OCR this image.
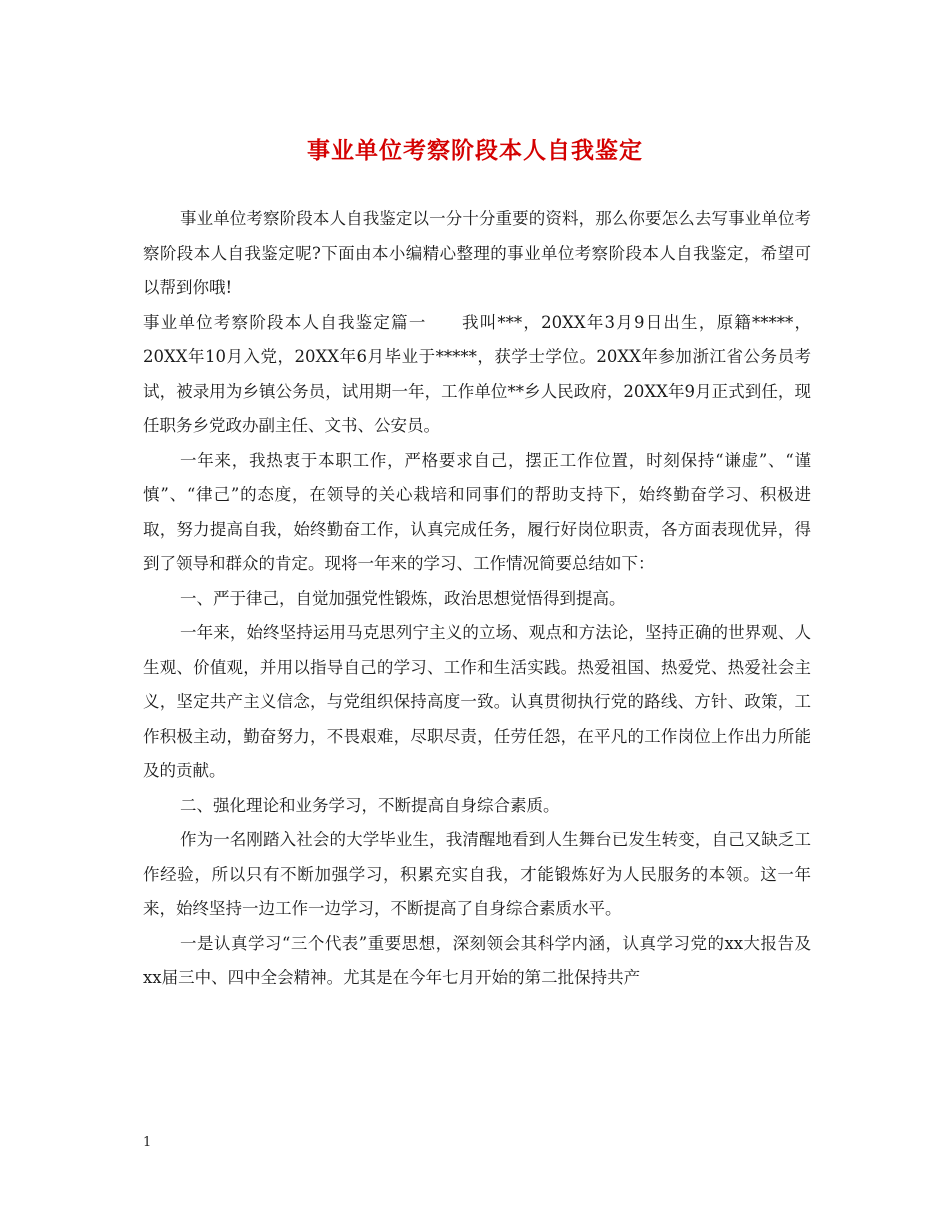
事业单位考察阶段本人自我鉴定

事业单位考察阶段本人自我鉴定以一分十分重要的资料，那么你要怎么去写事业单位考察阶段本人自我鉴定呢?下面由本小编精心整理的事业单位考察阶段本人自我鉴定，希望可以帮到你哦!

事业单位考察阶段本人自我鉴定篇一　　我叫***，20XX年3月9日出生，原籍*****，20XX年10月入党，20XX年6月毕业于*****，获学士学位。20XX年参加浙江省公务员考试，被录用为乡镇公务员，试用期一年，工作单位**乡人民政府，20XX年9月正式到任，现任职务乡党政办副主任、文书、公安员。

一年来，我热衷于本职工作，严格要求自己，摆正工作位置，时刻保持“谦虚”、“谨慎”、“律己”的态度，在领导的关心栽培和同事们的帮助支持下，始终勤奋学习、积极进取，努力提高自我，始终勤奋工作，认真完成任务，履行好岗位职责，各方面表现优异，得到了领导和群众的肯定。现将一年来的学习、工作情况简要总结如下：

一、严于律己，自觉加强党性锻炼，政治思想觉悟得到提高。

一年来，始终坚持运用马克思列宁主义的立场、观点和方法论，坚持正确的世界观、人生观、价值观，并用以指导自己的学习、工作和生活实践。热爱祖国、热爱党、热爱社会主义，坚定共产主义信念，与党组织保持高度一致。认真贯彻执行党的路线、方针、政策，工作积极主动，勤奋努力，不畏艰难，尽职尽责，任劳任怨，在平凡的工作岗位上作出力所能及的贡献。

二、强化理论和业务学习，不断提高自身综合素质。

作为一名刚踏入社会的大学毕业生，我清醒地看到人生舞台已发生转变，自己又缺乏工作经验，所以只有不断加强学习，积累充实自我，才能锻炼好为人民服务的本领。这一年来，始终坚持一边工作一边学习，不断提高了自身综合素质水平。

一是认真学习“三个代表”重要思想，深刻领会其科学内涵，认真学习党的xx大报告及xx届三中、四中全会精神。尤其是在今年七月开始的第二批保持共产

1
